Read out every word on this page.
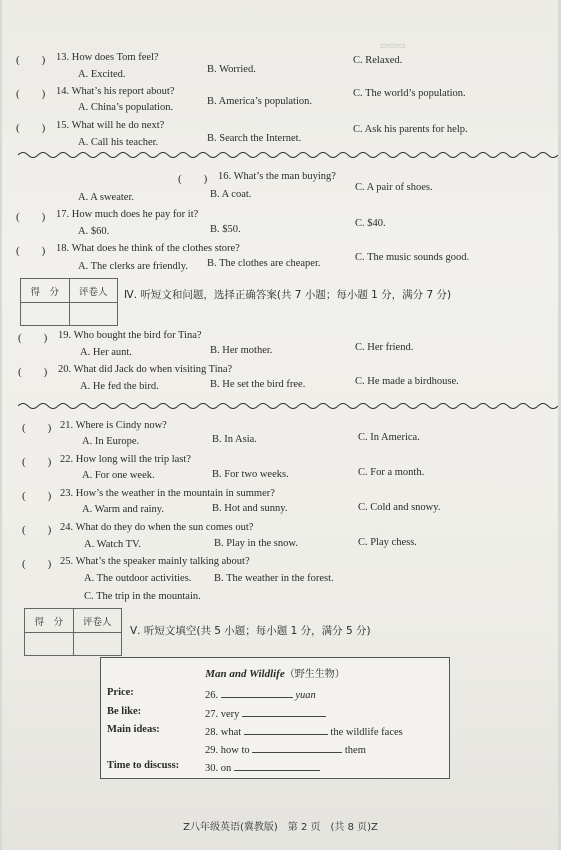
▭▭▭
(　　) 13. How does Tom feel?
A. Excited.	B. Worried.
C. Relaxed.
(　　) 14. What’s his report about?
A. China’s population.
B. America’s population.
C. The world’s population.
(　　) 15. What will he do next?
A. Call his teacher.	B. Search the Internet.
C. Ask his parents for help.
(　　) 16. What’s the man buying?
A. A sweater.	B. A coat.
C. A pair of shoes.
(　　) 17. How much does he pay for it?
A. $60.	B. $50.
C. $40.
(　　) 18. What does he think of the clothes store?
A. The clerks are friendly. B. The clothes are cheaper.
C. The music sounds good.
得　分	评卷人	Ⅳ. 听短文和问题，选择正确答案(共 7 小题；每小题 1 分，满分 7 分)
(　　) 19. Who bought the bird for Tina?
A. Her aunt.	B. Her mother.	C. Her friend.
(　　) 20. What did Jack do when visiting Tina?
A. He fed the bird.	B. He set the bird free.	C. He made a birdhouse.
(　　) 21. Where is Cindy now?
A. In Europe.	B. In Asia.	C. In America.
(　　) 22. How long will the trip last?
A. For one week.	B. For two weeks.	C. For a month.
(　　) 23. How’s the weather in the mountain in summer?
A. Warm and rainy.	B. Hot and sunny.	C. Cold and snowy.
(　　) 24. What do they do when the sun comes out?
A. Watch TV.	B. Play in the snow.	C. Play chess.
(　　) 25. What’s the speaker mainly talking about?
A. The outdoor activities. B. The weather in the forest.
C. The trip in the mountain.
得　分	评卷人
Ⅴ. 听短文填空(共 5 小题；每小题 1 分，满分 5 分)
Man and Wildlife（野生生物）
Price:	26.	yuan
Be like:	27. very
Main ideas:	28. what	the wildlife faces
29. how to	them
Time to discuss: 30. on
Z八年级英语(冀教版)　第 2 页　(共 8 页)Z
